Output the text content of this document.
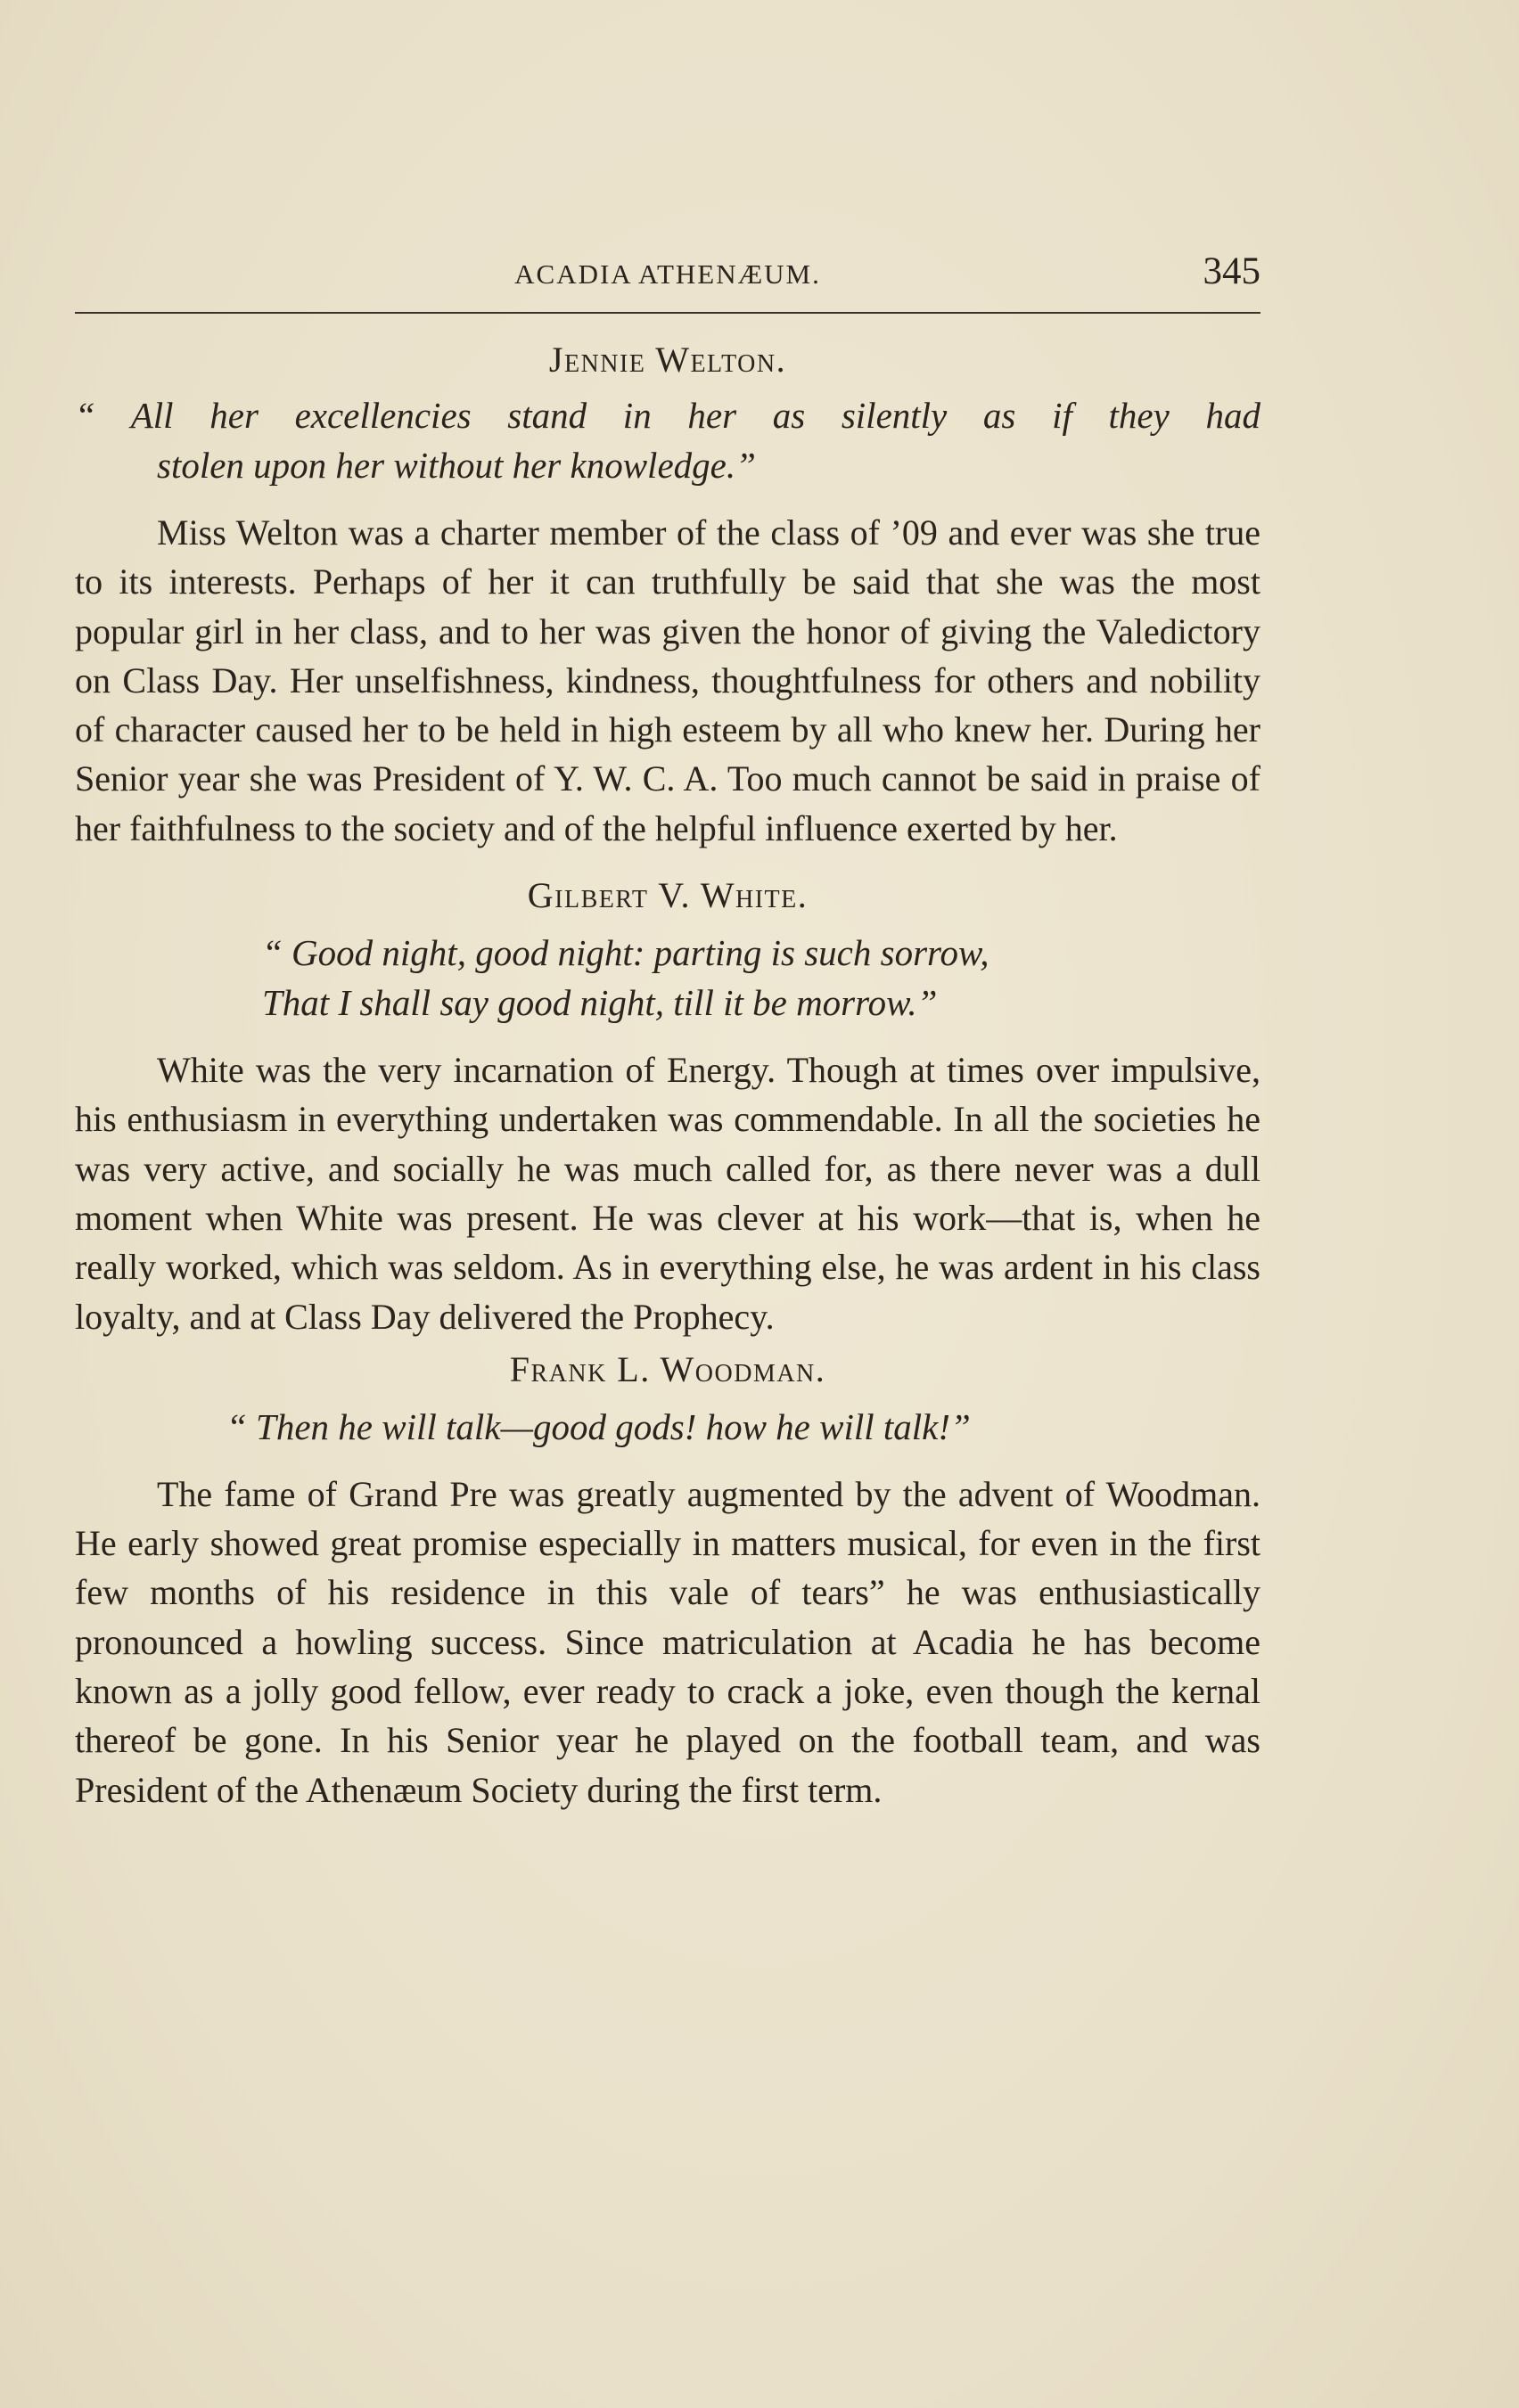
ACADIA ATHENÆUM.	345
Jennie Welton.
“ All her excellencies stand in her as silently as if they had
stolen upon her without her knowledge.”

Miss Welton was a charter member of the class of ’09 and ever was she true to its interests. Perhaps of her it can truthfully be said that she was the most popular girl in her class, and to her was given the honor of giving the Valedictory on Class Day. Her unselfishness, kindness, thoughtfulness for others and nobility of character caused her to be held in high esteem by all who knew her. During her Senior year she was President of Y. W. C. A. Too much cannot be said in praise of her faithfulness to the society and of the helpful influence exerted by her.

Gilbert V. White.
“ Good night, good night: parting is such sorrow,
That I shall say good night, till it be morrow.”

White was the very incarnation of Energy. Though at times over impulsive, his enthusiasm in everything undertaken was commendable. In all the societies he was very active, and socially he was much called for, as there never was a dull moment when White was present. He was clever at his work—that is, when he really worked, which was seldom. As in everything else, he was ardent in his class loyalty, and at Class Day delivered the Prophecy.

Frank L. Woodman.
“ Then he will talk—good gods! how he will talk!”

The fame of Grand Pre was greatly augmented by the advent of Woodman. He early showed great promise especially in matters musical, for even in the first few months of his residence in this vale of tears” he was enthusiastically pronounced a howling success. Since matriculation at Acadia he has become known as a jolly good fellow, ever ready to crack a joke, even though the kernal thereof be gone. In his Senior year he played on the football team, and was President of the Athenæum Society during the first term.
